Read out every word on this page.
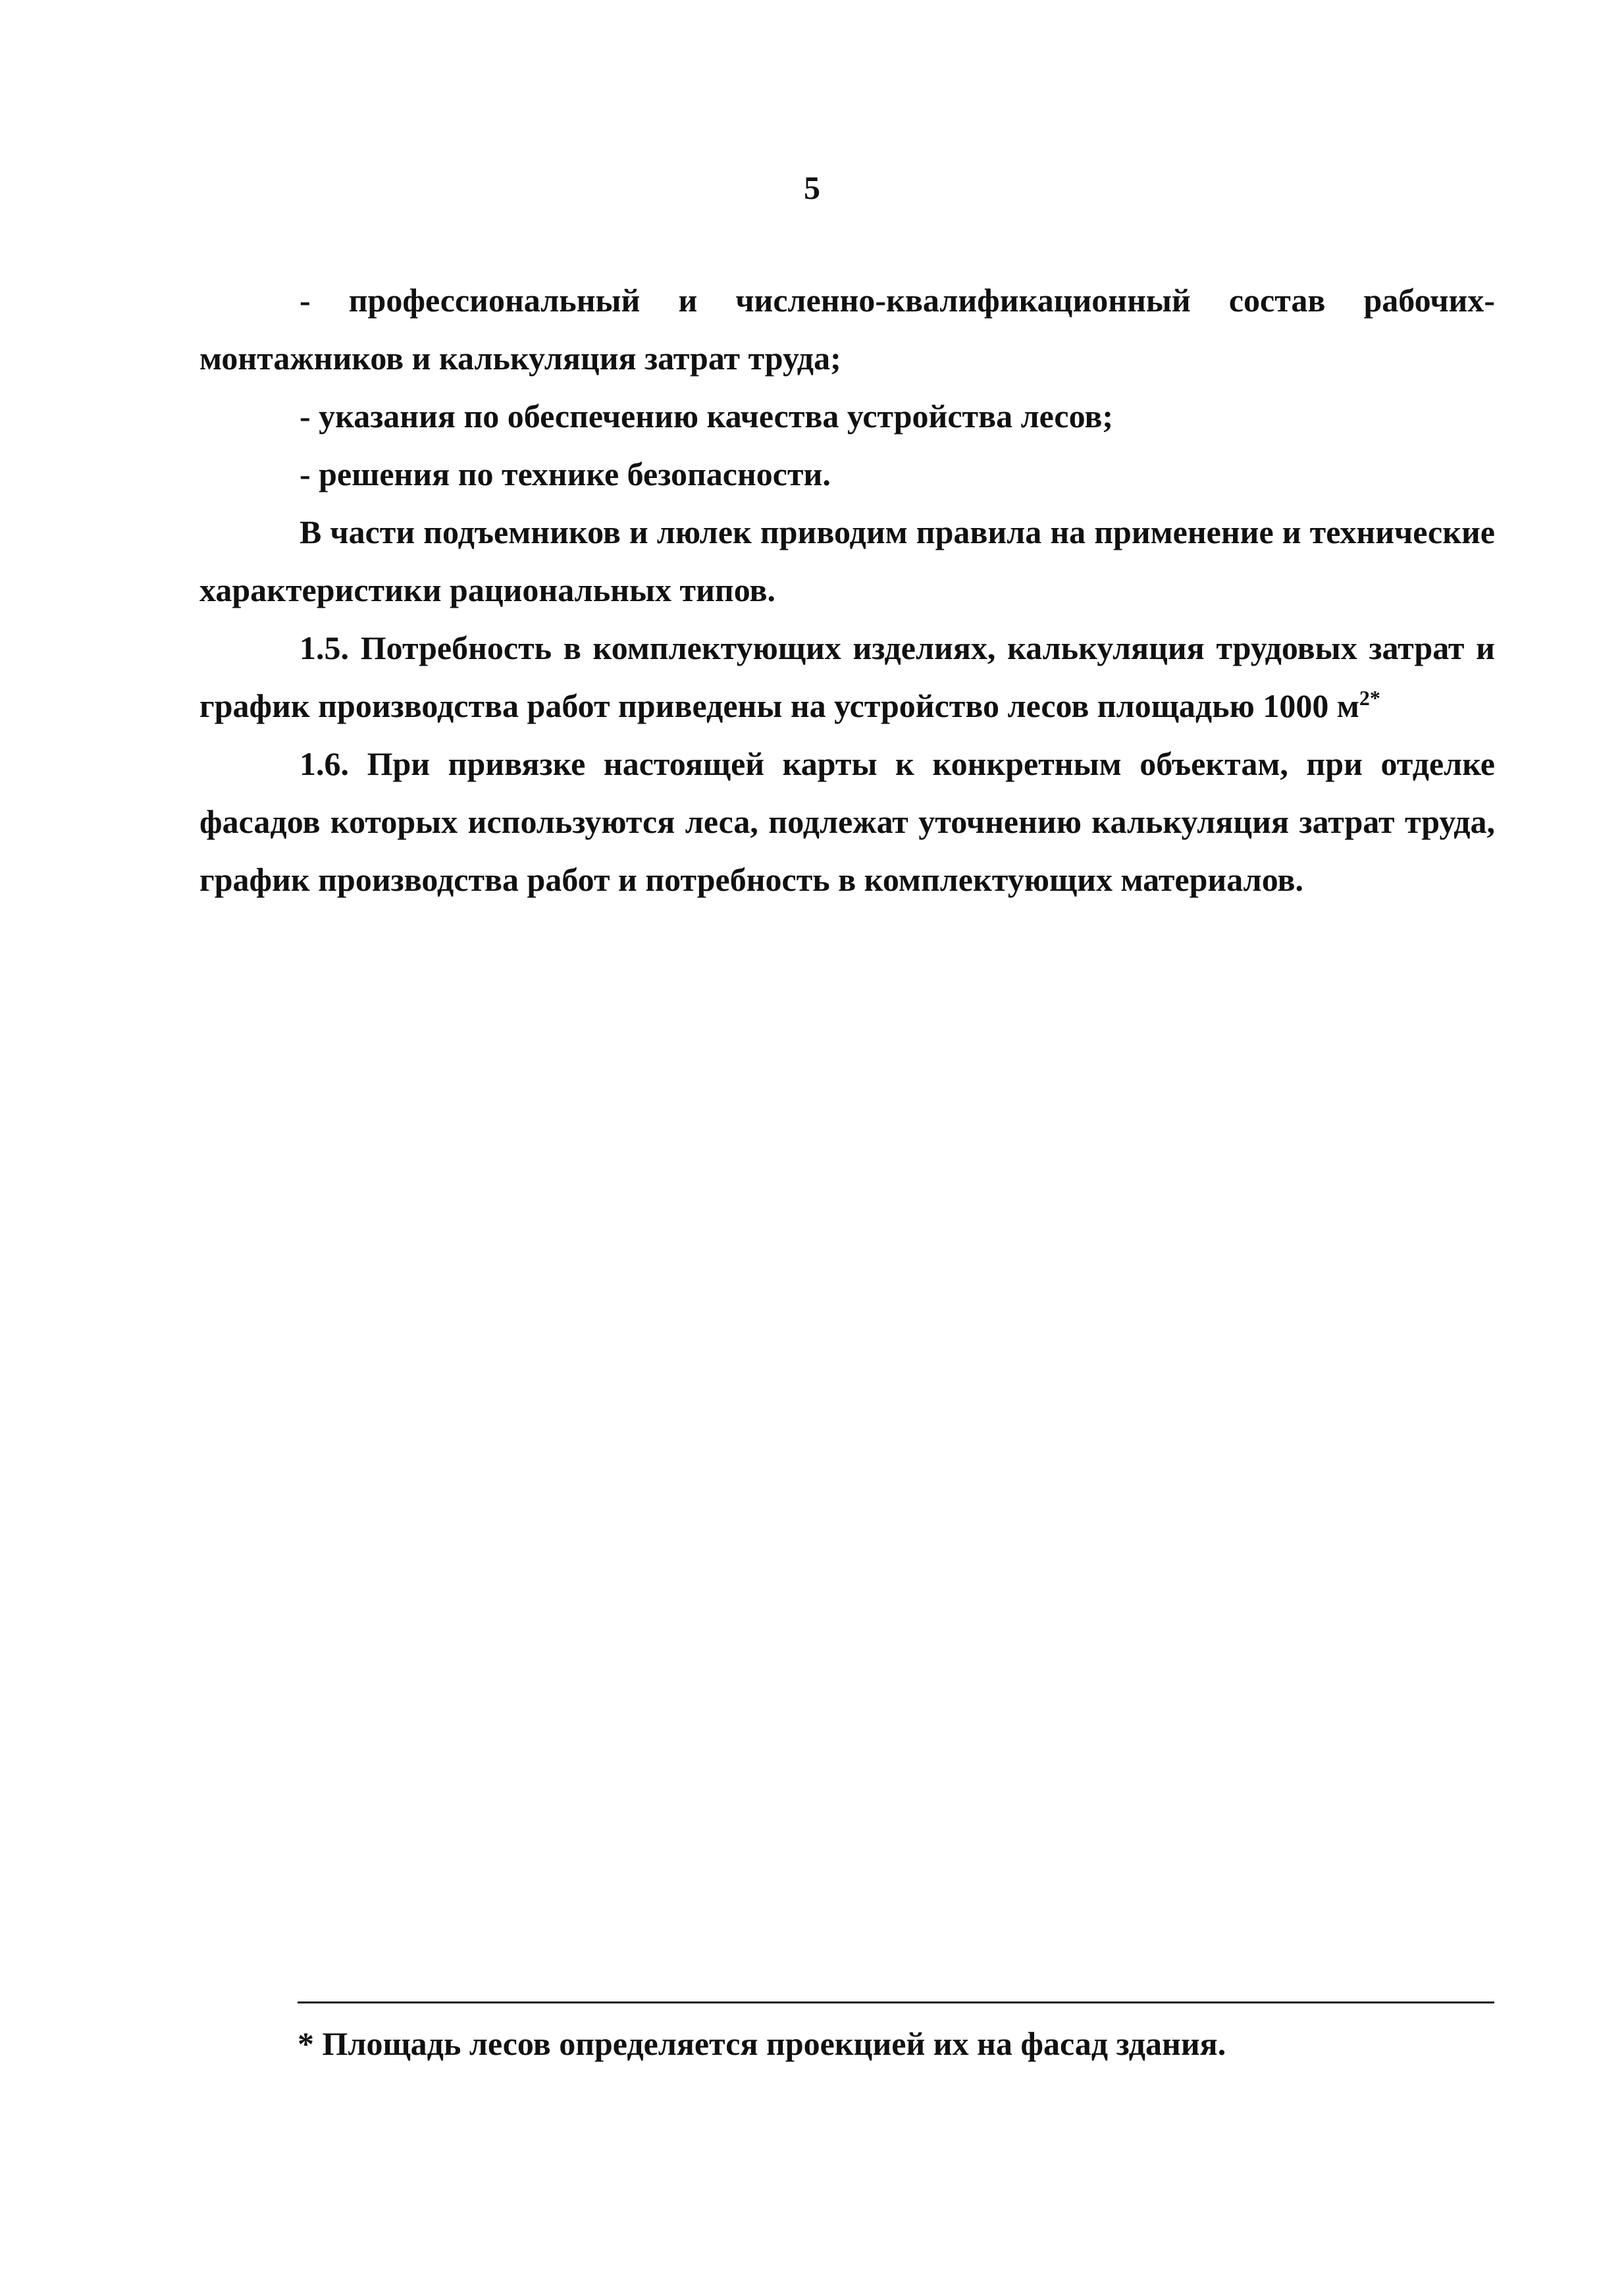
5

- профессиональный и численно-квалификационный состав рабочих-монтажников и калькуляция затрат труда;

- указания по обеспечению качества устройства лесов;

- решения по технике безопасности.

В части подъемников и люлек приводим правила на применение и технические характеристики рациональных типов.

1.5. Потребность в комплектующих изделиях, калькуляция трудовых затрат и график производства работ приведены на устройство лесов площадью 1000 $м^{2*}$

1.6. При привязке настоящей карты к конкретным объектам, при отделке фасадов которых используются леса, подлежат уточнению калькуляция затрат труда, график производства работ и потребность в комплектующих материалов.

* Площадь лесов определяется проекцией их на фасад здания.
